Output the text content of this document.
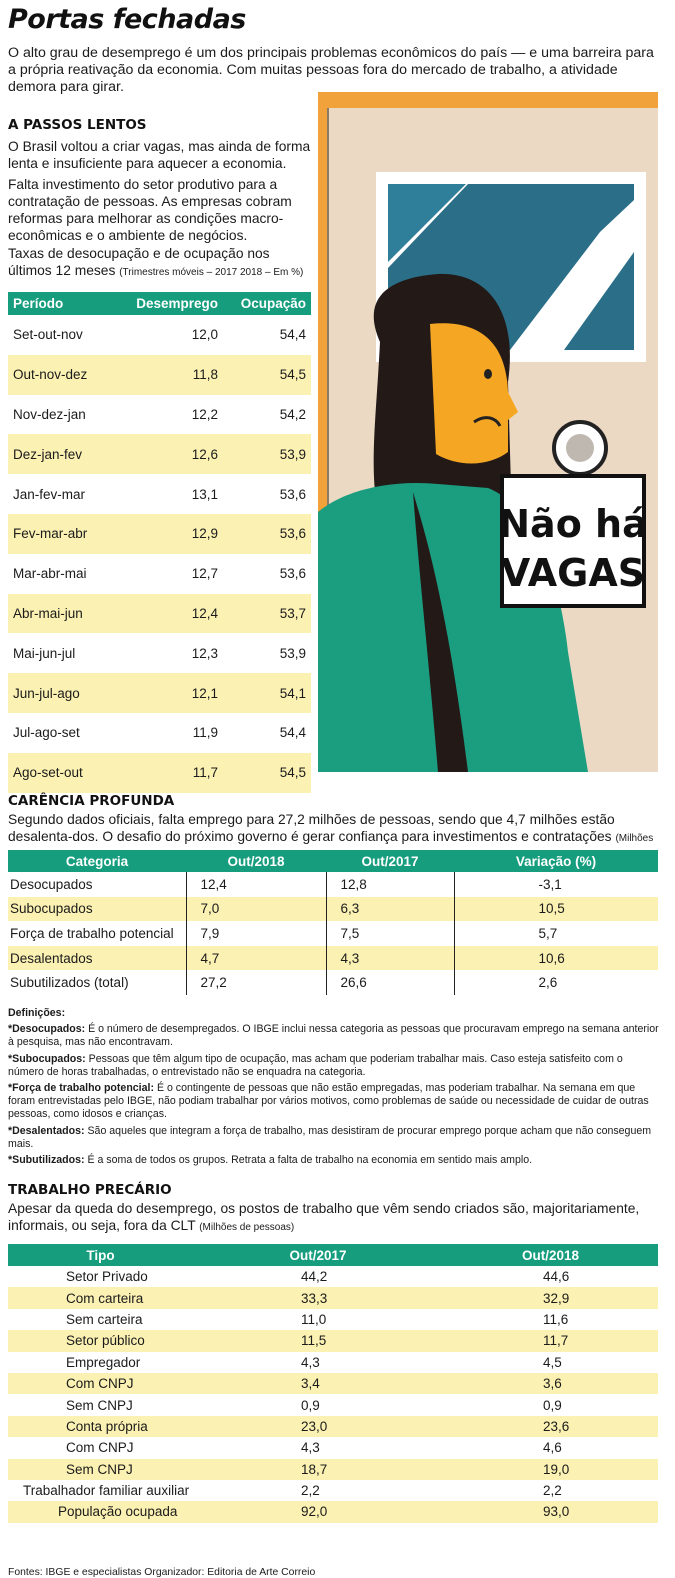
Portas fechadas
O alto grau de desemprego é um dos principais problemas econômicos do país — e uma barreira para a própria reativação da economia. Com muitas pessoas fora do mercado de trabalho, a atividade demora para girar.
Não há
VAGAS
A PASSOS LENTOS
O Brasil voltou a criar vagas, mas ainda de forma lenta e insuficiente para aquecer a economia.
Falta investimento do setor produtivo para a contratação de pessoas. As empresas cobram reformas para melhorar as condições macro-econômicas e o ambiente de negócios.
Taxas de desocupação e de ocupação nos últimos 12 meses (Trimestres móveis – 2017 2018 – Em %)
Período	Desemprego	Ocupação
Set-out-nov	12,0	54,4
Out-nov-dez	11,8	54,5
Nov-dez-jan	12,2	54,2
Dez-jan-fev	12,6	53,9
Jan-fev-mar	13,1	53,6
Fev-mar-abr	12,9	53,6
Mar-abr-mai	12,7	53,6
Abr-mai-jun	12,4	53,7
Mai-jun-jul	12,3	53,9
Jun-jul-ago	12,1	54,1
Jul-ago-set	11,9	54,4
Ago-set-out	11,7	54,5
CARÊNCIA PROFUNDA
Segundo dados oficiais, falta emprego para 27,2 milhões de pessoas, sendo que 4,7 milhões estão desalenta-dos. O desafio do próximo governo é gerar confiança para investimentos e contratações (Milhões
Categoria	Out/2018	Out/2017	Variação (%)
Desocupados	12,4	12,8	-3,1
Subocupados	7,0	6,3	10,5
Força de trabalho potencial	7,9	7,5	5,7
Desalentados	4,7	4,3	10,6
Subutilizados (total)	27,2	26,6	2,6

Definições:

*Desocupados: É o número de desempregados. O IBGE inclui nessa categoria as pessoas que procuravam emprego na semana anterior à pesquisa, mas não encontravam.

*Subocupados: Pessoas que têm algum tipo de ocupação, mas acham que poderiam trabalhar mais. Caso esteja satisfeito com o número de horas trabalhadas, o entrevistado não se enquadra na categoria.

*Força de trabalho potencial: É o contingente de pessoas que não estão empregadas, mas poderiam trabalhar. Na semana em que foram entrevistadas pelo IBGE, não podiam trabalhar por vários motivos, como problemas de saúde ou necessidade de cuidar de outras pessoas, como idosos e crianças.

*Desalentados: São aqueles que integram a força de trabalho, mas desistiram de procurar emprego porque acham que não conseguem mais.

*Subutilizados: É a soma de todos os grupos. Retrata a falta de trabalho na economia em sentido mais amplo.

TRABALHO PRECÁRIO
Apesar da queda do desemprego, os postos de trabalho que vêm sendo criados são, majoritariamente, informais, ou seja, fora da CLT (Milhões de pessoas)
Tipo	Out/2017	Out/2018
Setor Privado	44,2	44,6
Com carteira	33,3	32,9
Sem carteira	11,0	11,6
Setor público	11,5	11,7
Empregador	4,3	4,5
Com CNPJ	3,4	3,6
Sem CNPJ	0,9	0,9
Conta própria	23,0	23,6
Com CNPJ	4,3	4,6
Sem CNPJ	18,7	19,0
Trabalhador familiar auxiliar	2,2	2,2
População ocupada	92,0	93,0
Fontes: IBGE e especialistas Organizador: Editoria de Arte Correio
